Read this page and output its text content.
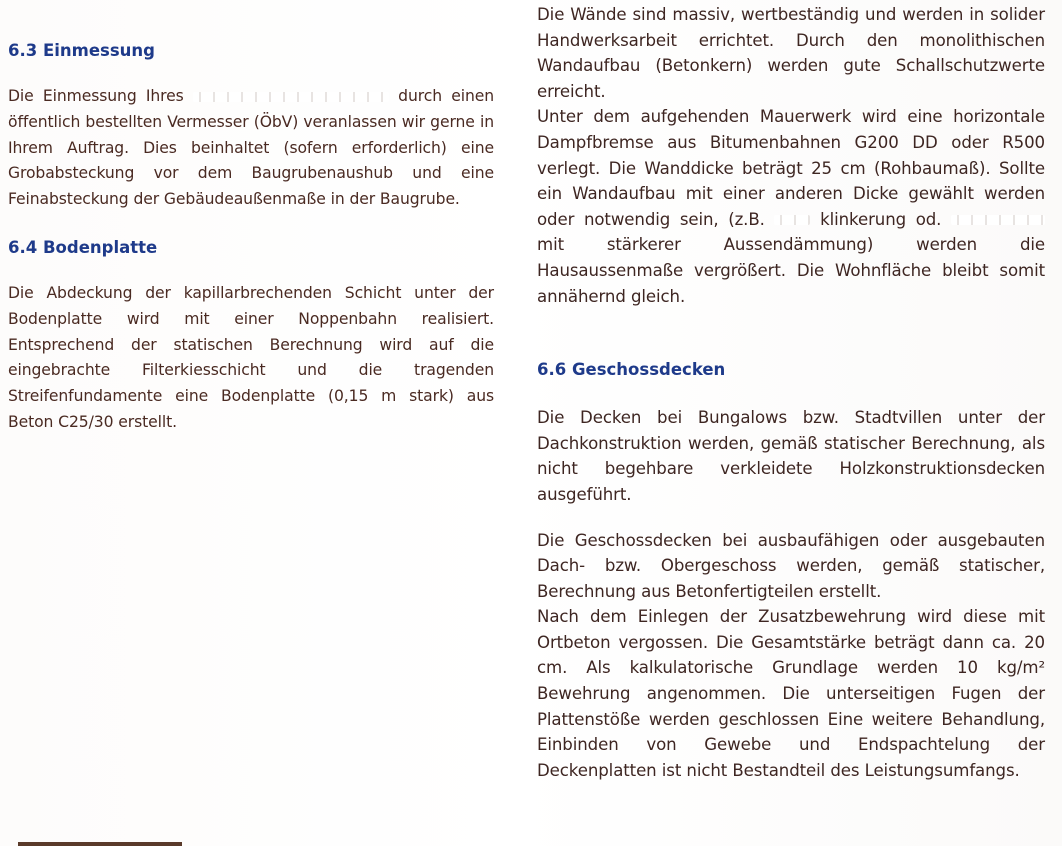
6.3 Einmessung

Die Einmessung Ihres	durch einen öffentlich bestellten Vermesser (ÖbV) veranlassen wir gerne in Ihrem Auftrag. Dies beinhaltet (sofern erforderlich) eine Grobabsteckung vor dem Baugrubenaushub und eine Feinabsteckung der Gebäudeaußenmaße in der Baugrube.

6.4 Bodenplatte

Die Abdeckung der kapillarbrechenden Schicht unter der Bodenplatte wird mit einer Noppenbahn realisiert. Entsprechend der statischen Berechnung wird auf die eingebrachte Filterkiesschicht und die tragenden Streifenfundamente eine Bodenplatte (0,15 m stark) aus Beton C25/30 erstellt.

Die Wände sind massiv, wertbeständig und werden in solider Handwerksarbeit errichtet. Durch den monolithischen Wandaufbau (Betonkern) werden gute Schallschutzwerte erreicht.

Unter dem aufgehenden Mauerwerk wird eine horizontale Dampfbremse aus Bitumenbahnen G200 DD oder R500 verlegt. Die Wanddicke beträgt 25 cm (Rohbaumaß). Sollte ein Wandaufbau mit einer anderen Dicke gewählt werden oder notwendig sein, (z.B.	klinkerung od.  mit stärkerer Aussendämmung) werden die Hausaussenmaße vergrößert. Die Wohnfläche bleibt somit annähernd gleich.

6.6 Geschossdecken

Die Decken bei Bungalows bzw. Stadtvillen unter der Dachkonstruktion werden, gemäß statischer Berechnung, als nicht begehbare verkleidete Holzkonstruktionsdecken ausgeführt.

Die Geschossdecken bei ausbaufähigen oder ausgebauten Dach- bzw. Obergeschoss werden, gemäß statischer, Berechnung aus Betonfertigteilen erstellt.

Nach dem Einlegen der Zusatzbewehrung wird diese mit Ortbeton vergossen. Die Gesamtstärke beträgt dann ca. 20 cm. Als kalkulatorische Grundlage werden 10 kg/m² Bewehrung angenommen. Die unterseitigen Fugen der Plattenstöße werden geschlossen Eine weitere Behandlung, Einbinden von Gewebe und Endspachtelung der Deckenplatten ist nicht Bestandteil des Leistungsumfangs.
